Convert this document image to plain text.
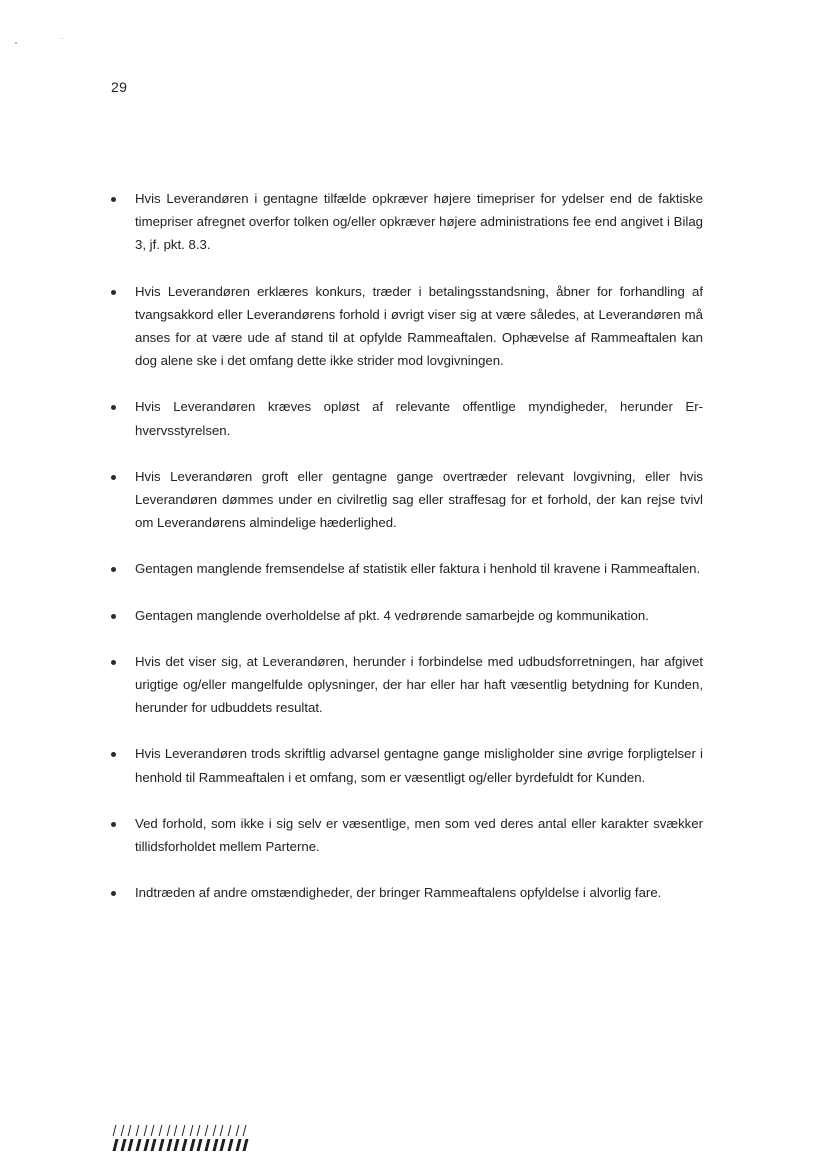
29
Hvis Leverandøren i gentagne tilfælde opkræver højere timepriser for ydelser end de faktiske timepriser afregnet overfor tolken og/eller opkræver højere administrations fee end angivet i Bilag 3, jf. pkt. 8.3.
Hvis Leverandøren erklæres konkurs, træder i betalingsstandsning, åbner for forhandling af tvangsakkord eller Leverandørens forhold i øvrigt viser sig at være således, at Leverandøren må anses for at være ude af stand til at opfylde Rammeaftalen. Ophævelse af Rammeaftalen kan dog alene ske i det omfang dette ikke strider mod lovgivningen.
Hvis Leverandøren kræves opløst af relevante offentlige myndigheder, herunder Erhvervsstyrelsen.
Hvis Leverandøren groft eller gentagne gange overtræder relevant lovgivning, eller hvis Leverandøren dømmes under en civilretlig sag eller straffesag for et forhold, der kan rejse tvivl om Leverandørens almindelige hæderlighed.
Gentagen manglende fremsendelse af statistik eller faktura i henhold til kravene i Rammeaftalen.
Gentagen manglende overholdelse af pkt. 4 vedrørende samarbejde og kommunikation.
Hvis det viser sig, at Leverandøren, herunder i forbindelse med udbudsforretningen, har afgivet urigtige og/eller mangelfulde oplysninger, der har eller har haft væsentlig betydning for Kunden, herunder for udbuddets resultat.
Hvis Leverandøren trods skriftlig advarsel gentagne gange misligholder sine øvrige forpligtelser i henhold til Rammeaftalen i et omfang, som er væsentligt og/eller byrdefuldt for Kunden.
Ved forhold, som ikke i sig selv er væsentlige, men som ved deres antal eller karakter svækker tillidsforholdet mellem Parterne.
Indtræden af andre omstændigheder, der bringer Rammeaftalens opfyldelse i alvorlig fare.
